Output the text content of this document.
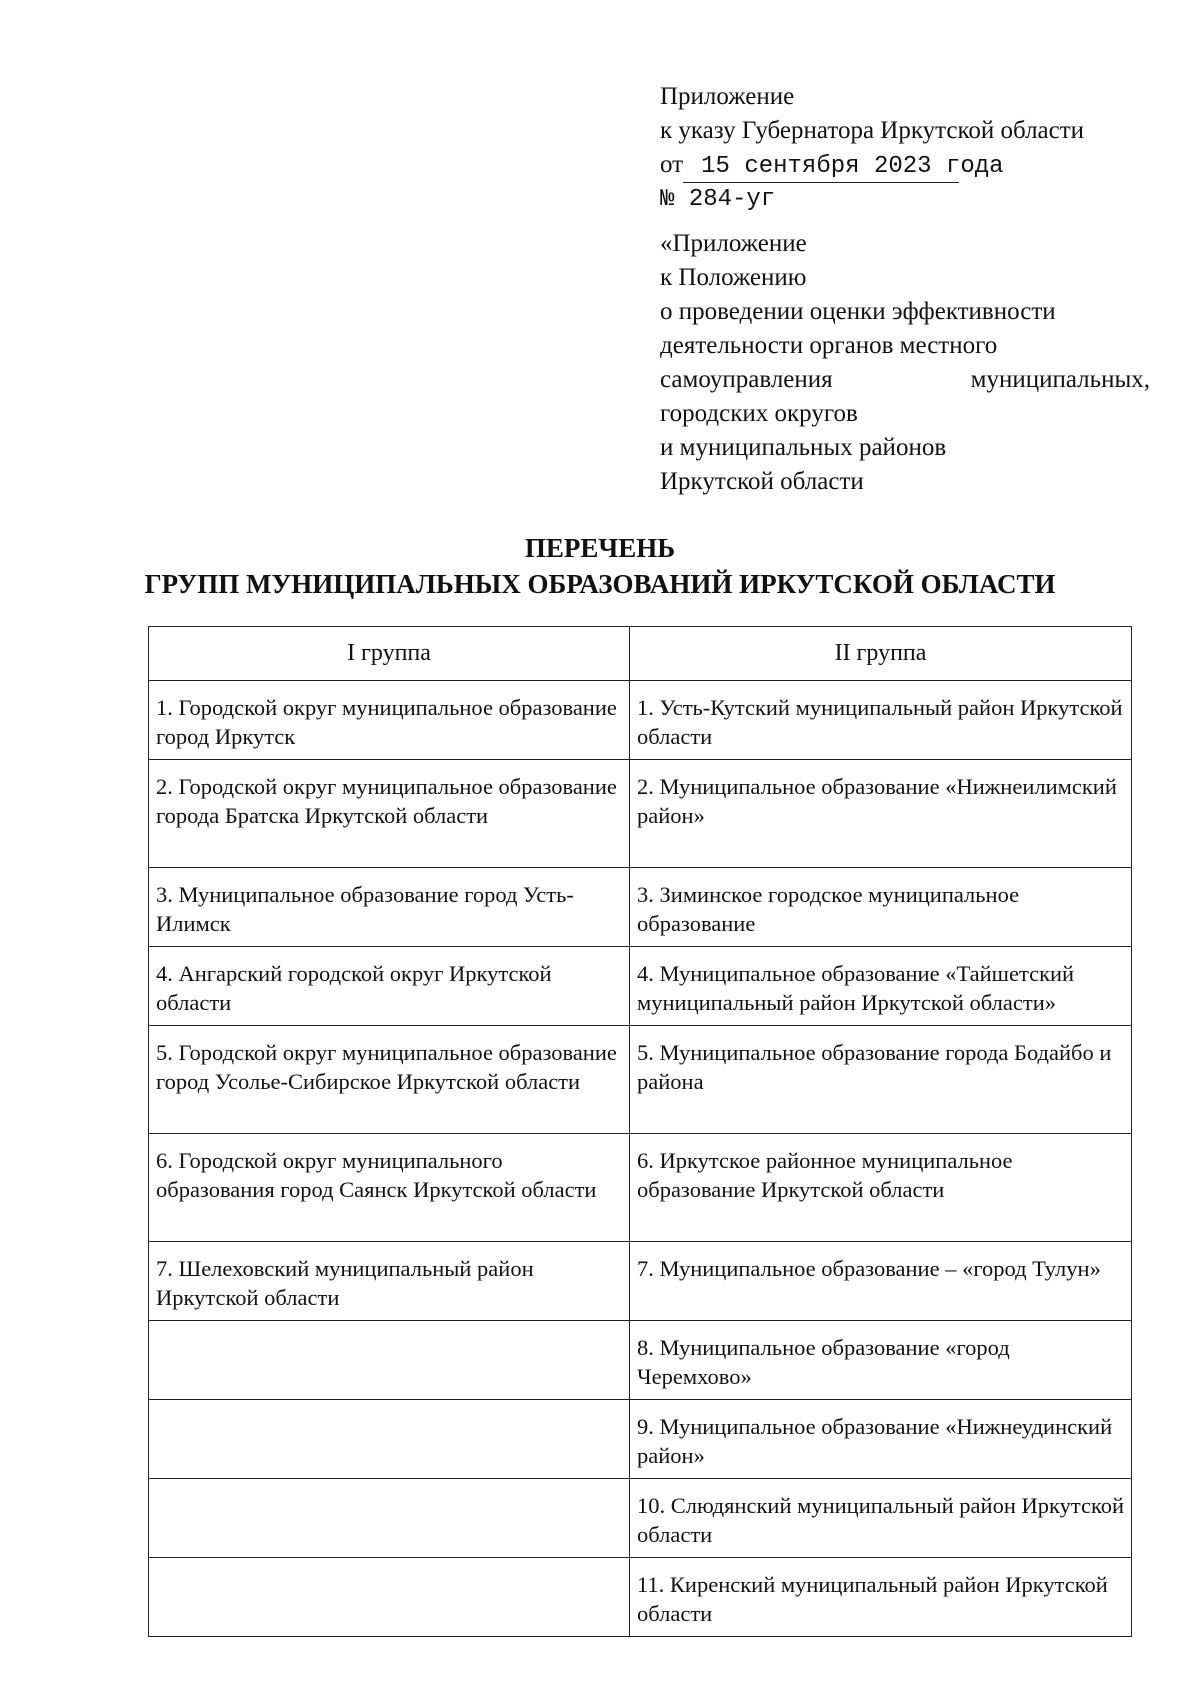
Приложение
к указу Губернатора Иркутской области
от 15 сентября 2023 года
№ 284-уг
«Приложение
к Положению
о проведении оценки эффективности
деятельности органов местного
самоуправления	муниципальных,
городских округов
и муниципальных районов
Иркутской области
ПЕРЕЧЕНЬ
ГРУПП МУНИЦИПАЛЬНЫХ ОБРАЗОВАНИЙ ИРКУТСКОЙ ОБЛАСТИ
I группа	II группа
1. Городской округ муниципальное образование город Иркутск	1. Усть-Кутский муниципальный район Иркутской области
2. Городской округ муниципальное образование города Братска Иркутской области	2. Муниципальное образование «Нижнеилимский район»
3. Муниципальное образование город Усть-Илимск	3. Зиминское городское муниципальное образование
4. Ангарский городской округ Иркутской области	4. Муниципальное образование «Тайшетский муниципальный район Иркутской области»
5. Городской округ муниципальное образование город Усолье-Сибирское Иркутской области	5. Муниципальное образование города Бодайбо и района
6. Городской округ муниципального образования город Саянск Иркутской области	6. Иркутское районное муниципальное образование Иркутской области
7. Шелеховский муниципальный район Иркутской области	7. Муниципальное образование – «город Тулун»
	8. Муниципальное образование «город Черемхово»
	9. Муниципальное образование «Нижнеудинский район»
	10. Слюдянский муниципальный район Иркутской области
	11. Киренский муниципальный район Иркутской области
